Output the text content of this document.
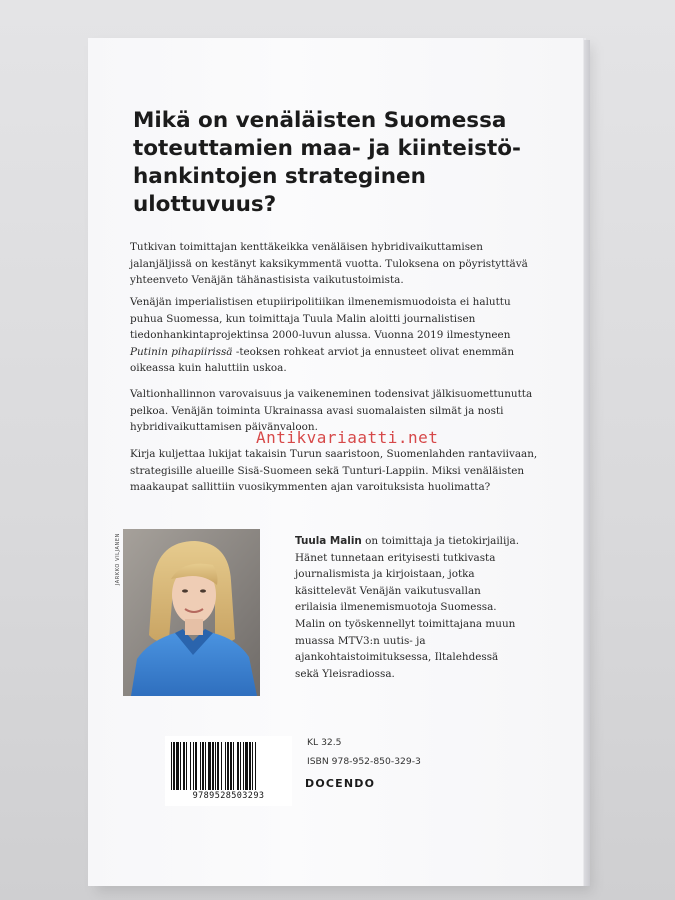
Mikä on venäläisten Suomessa toteuttamien maa- ja kiinteistö-hankintojen strateginen ulottuvuus?

Tutkivan toimittajan kenttäkeikka venäläisen hybridivaikuttamisen jalanjäljissä on kestänyt kaksikymmentä vuotta. Tuloksena on pöyristyttävä yhteenveto Venäjän tähänastisista vaikutustoimista.

Venäjän imperialistisen etupiiripolitiikan ilmenemismuodoista ei haluttu puhua Suomessa, kun toimittaja Tuula Malin aloitti journalistisen tiedonhankintaprojektinsa 2000-luvun alussa. Vuonna 2019 ilmestyneen Putinin pihapiirissä -teoksen rohkeat arviot ja ennusteet olivat enemmän oikeassa kuin haluttiin uskoa.

Valtionhallinnon varovaisuus ja vaikeneminen todensivat jälkisuomettunutta pelkoa. Venäjän toiminta Ukrainassa avasi suomalaisten silmät ja nosti hybridivaikuttamisen päivänvaloon.

Kirja kuljettaa lukijat takaisin Turun saaristoon, Suomenlahden rantaviivaan, strategisille alueille Sisä-Suomeen sekä Tunturi-Lappiin. Miksi venäläisten maakaupat sallittiin vuosikymmenten ajan varoituksista huolimatta?

Antikvariaatti.net
JARKKO VILJANEN	Tuula Malin on toimittaja ja tietokirjailija. Hänet tunnetaan erityisesti tutkivasta journalismista ja kirjoistaan, jotka käsittelevät Venäjän vaikutusvallan erilaisia ilmenemismuotoja Suomessa. Malin on työskennellyt toimittajana muun muassa MTV3:n uutis- ja ajankohtaistoimituksessa, Iltalehdessä sekä Yleisradiossa.

9789528503293

KL 32.5

ISBN 978-952-850-329-3

DOCENDO
